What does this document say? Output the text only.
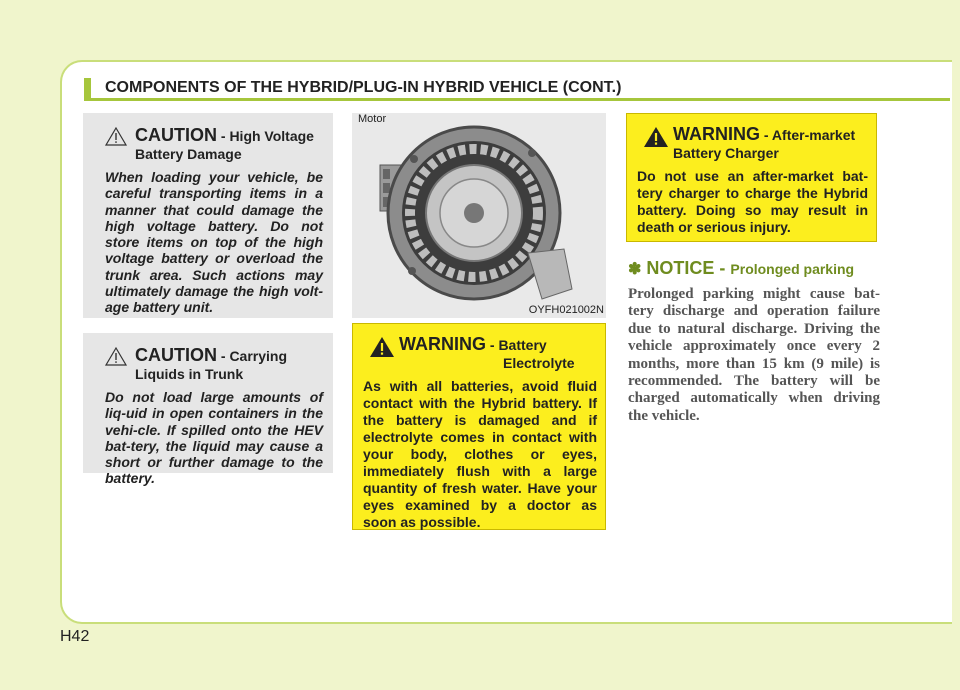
COMPONENTS OF THE HYBRID/PLUG-IN HYBRID VEHICLE (CONT.)
CAUTION - High Voltage
Battery Damage

When loading your vehicle, be careful transporting items in a manner that could damage the high voltage battery. Do not store items on top of the high voltage battery or overload the trunk area. Such actions may ultimately damage the high volt-age battery unit.

CAUTION - Carrying
Liquids in Trunk

Do not load large amounts of liq-uid in open containers in the vehi-cle. If spilled onto the HEV bat-tery, the liquid may cause a short or further damage to the battery.

Motor
OYFH021002N
WARNING - Battery
Electrolyte

As with all batteries, avoid fluid contact with the Hybrid battery. If the battery is damaged and if electrolyte comes in contact with your body, clothes or eyes, immediately flush with a large quantity of fresh water. Have your eyes examined by a doctor as soon as possible.

WARNING - After-market
Battery Charger

Do not use an after-market bat-tery charger to charge the Hybrid battery. Doing so may result in death or serious injury.

✽ NOTICE - Prolonged parking

Prolonged parking might cause bat-tery discharge and operation failure due to natural discharge. Driving the vehicle approximately once every 2 months, more than 15 km (9 mile) is recommended. The battery will be charged automatically when driving the vehicle.

H42
